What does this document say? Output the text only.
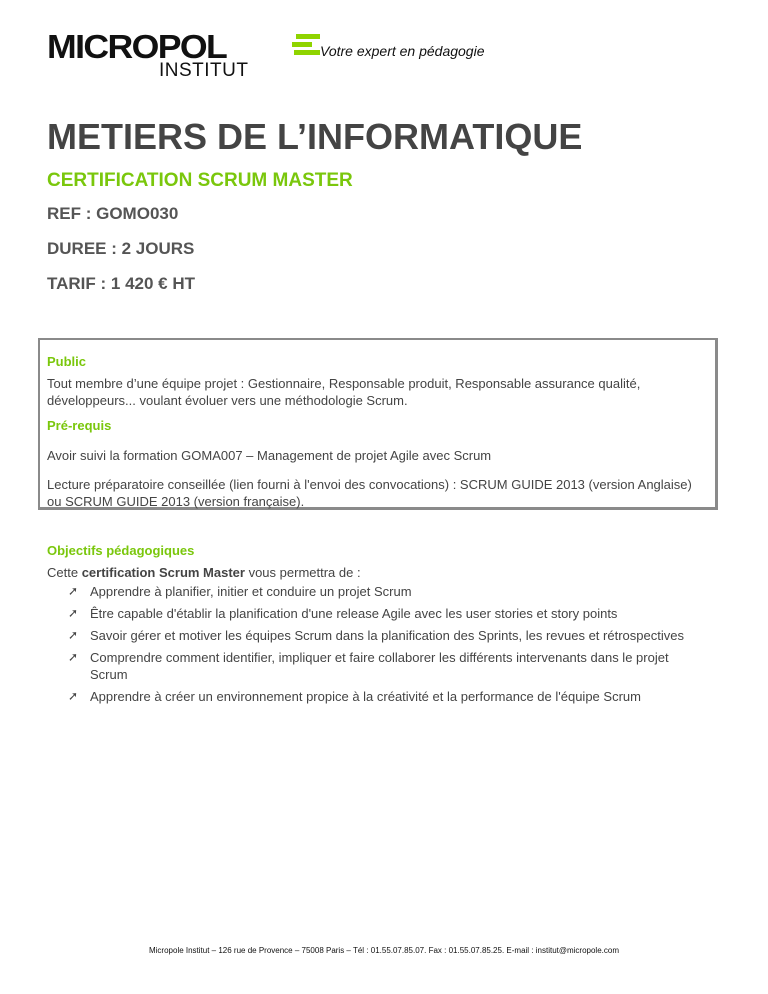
MICROPOL
INSTITUT
Votre expert en pédagogie
METIERS DE L’INFORMATIQUE
CERTIFICATION SCRUM MASTER

REF : GOMO030

DUREE : 2 JOURS

TARIF : 1 420 € HT

Public

Tout membre d’une équipe projet : Gestionnaire, Responsable produit, Responsable assurance qualité, développeurs... voulant évoluer vers une méthodologie Scrum.

Pré-requis

Avoir suivi la formation GOMA007 – Management de projet Agile avec Scrum

Lecture préparatoire conseillée (lien fourni à l'envoi des convocations) : SCRUM GUIDE 2013 (version Anglaise) ou SCRUM GUIDE 2013 (version française).

Objectifs pédagogiques

Cette certification Scrum Master vous permettra de :

➚ Apprendre à planifier, initier et conduire un projet Scrum
➚ Être capable d'établir la planification d'une release Agile avec les user stories et story points
➚ Savoir gérer et motiver les équipes Scrum dans la planification des Sprints, les revues et rétrospectives
➚ Comprendre comment identifier, impliquer et faire collaborer les différents intervenants dans le projet Scrum
➚ Apprendre à créer un environnement propice à la créativité et la performance de l'équipe Scrum
Micropole Institut – 126 rue de Provence – 75008 Paris – Tél : 01.55.07.85.07. Fax : 01.55.07.85.25. E-mail : institut@micropole.com
